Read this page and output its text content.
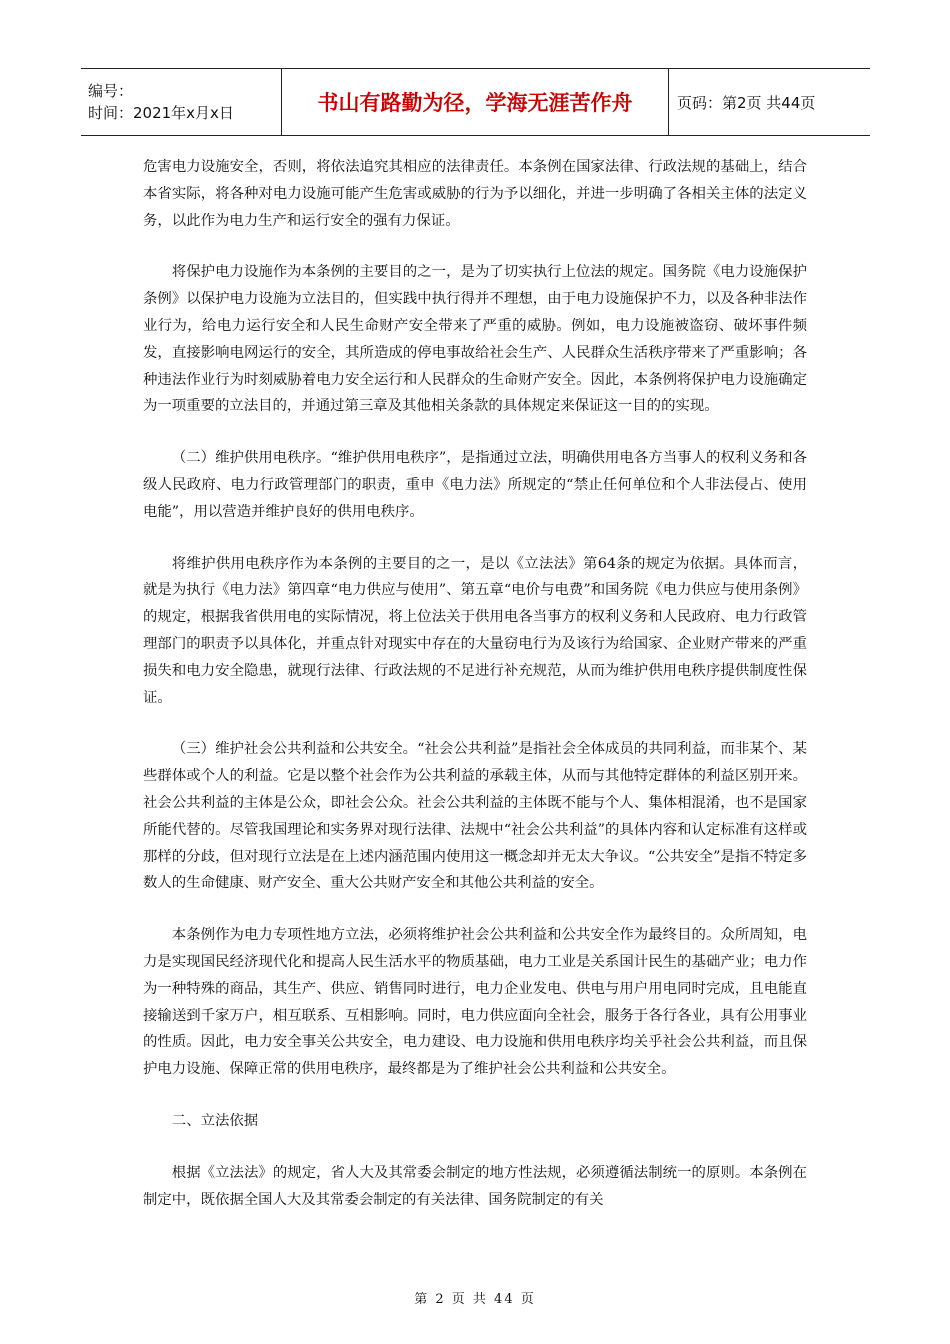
编号：
时间：2021年x月x日	书山有路勤为径，学海无涯苦作舟	页码：第2页 共44页

危害电力设施安全，否则，将依法追究其相应的法律责任。本条例在国家法律、行政法规的基础上，结合本省实际，将各种对电力设施可能产生危害或威胁的行为予以细化，并进一步明确了各相关主体的法定义务，以此作为电力生产和运行安全的强有力保证。

将保护电力设施作为本条例的主要目的之一，是为了切实执行上位法的规定。国务院《电力设施保护条例》以保护电力设施为立法目的，但实践中执行得并不理想，由于电力设施保护不力，以及各种非法作业行为，给电力运行安全和人民生命财产安全带来了严重的威胁。例如，电力设施被盗窃、破坏事件频发，直接影响电网运行的安全，其所造成的停电事故给社会生产、人民群众生活秩序带来了严重影响；各种违法作业行为时刻威胁着电力安全运行和人民群众的生命财产安全。因此，本条例将保护电力设施确定为一项重要的立法目的，并通过第三章及其他相关条款的具体规定来保证这一目的的实现。

（二）维护供用电秩序。“维护供用电秩序”，是指通过立法，明确供用电各方当事人的权利义务和各级人民政府、电力行政管理部门的职责，重申《电力法》所规定的“禁止任何单位和个人非法侵占、使用电能”，用以营造并维护良好的供用电秩序。

将维护供用电秩序作为本条例的主要目的之一，是以《立法法》第64条的规定为依据。具体而言，就是为执行《电力法》第四章“电力供应与使用”、第五章“电价与电费”和国务院《电力供应与使用条例》的规定，根据我省供用电的实际情况，将上位法关于供用电各当事方的权利义务和人民政府、电力行政管理部门的职责予以具体化，并重点针对现实中存在的大量窃电行为及该行为给国家、企业财产带来的严重损失和电力安全隐患，就现行法律、行政法规的不足进行补充规范，从而为维护供用电秩序提供制度性保证。

（三）维护社会公共利益和公共安全。“社会公共利益”是指社会全体成员的共同利益，而非某个、某些群体或个人的利益。它是以整个社会作为公共利益的承载主体，从而与其他特定群体的利益区别开来。社会公共利益的主体是公众，即社会公众。社会公共利益的主体既不能与个人、集体相混淆，也不是国家所能代替的。尽管我国理论和实务界对现行法律、法规中“社会公共利益”的具体内容和认定标准有这样或那样的分歧，但对现行立法是在上述内涵范围内使用这一概念却并无太大争议。“公共安全”是指不特定多数人的生命健康、财产安全、重大公共财产安全和其他公共利益的安全。

本条例作为电力专项性地方立法，必须将维护社会公共利益和公共安全作为最终目的。众所周知，电力是实现国民经济现代化和提高人民生活水平的物质基础，电力工业是关系国计民生的基础产业；电力作为一种特殊的商品，其生产、供应、销售同时进行，电力企业发电、供电与用户用电同时完成，且电能直接输送到千家万户，相互联系、互相影响。同时，电力供应面向全社会，服务于各行各业，具有公用事业的性质。因此，电力安全事关公共安全，电力建设、电力设施和供用电秩序均关乎社会公共利益，而且保护电力设施、保障正常的供用电秩序，最终都是为了维护社会公共利益和公共安全。

二、立法依据

根据《立法法》的规定，省人大及其常委会制定的地方性法规，必须遵循法制统一的原则。本条例在制定中，既依据全国人大及其常委会制定的有关法律、国务院制定的有关

第 2 页 共 44 页
